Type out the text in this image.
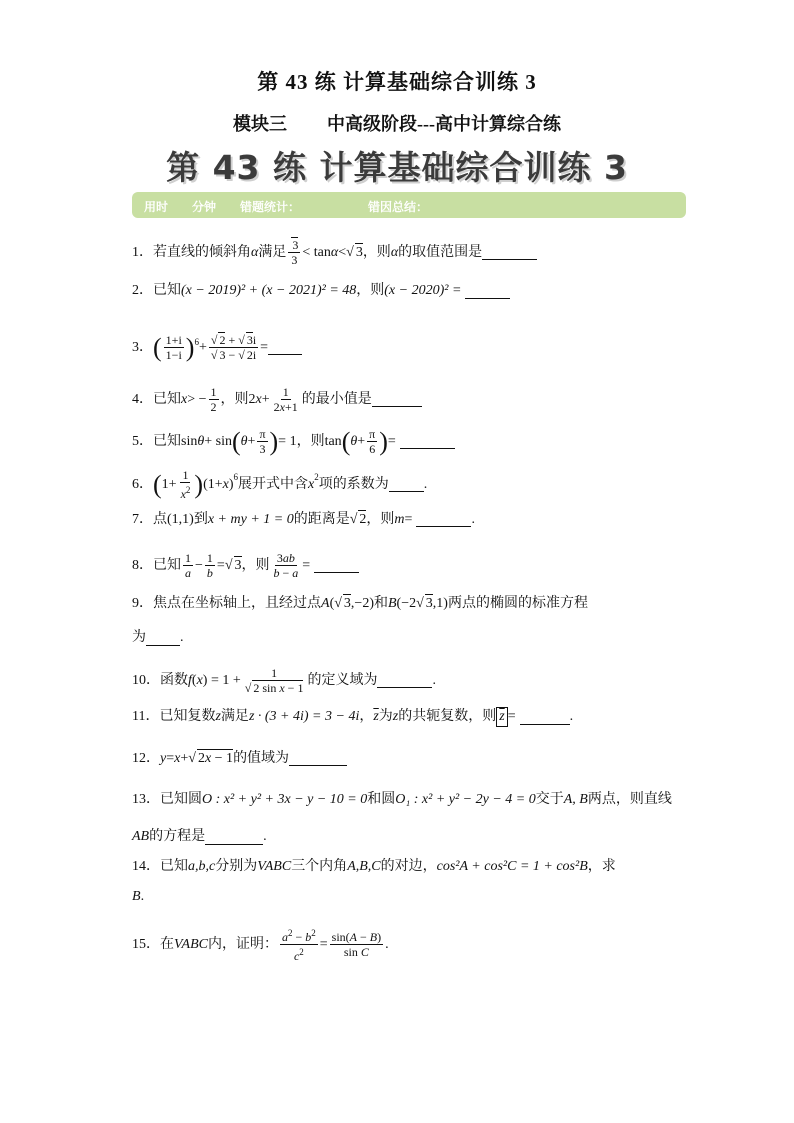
第 43 练 计算基础综合训练 3
模块三 中高级阶段---高中计算综合练
第 43 练 计算基础综合训练 3
用时 分钟 错题统计：	错因总结：
1． 若直线的倾斜角 α 满足 $\frac{3}{3} < \tan \alpha$ < √ 3 ，则 α 的取值范围是
2． 已知 (x − 2019)² + (x − 2021)² = 48 ，则 (x − 2020)² =
3． ( $\frac{1+i}{1-i} )^6 + \frac{√ 2 + √ 3i}{√ 3 - √ 2i}$ =
4． 已知 x > − $\frac{1}{2}$ ，则 2 $x + \frac{1}{2x+1}$ 的最小值是
5． 已知 sin θ + sin ( $\theta + \frac{\pi}{3}$ ) = 1 ，则 tan ( $\theta + \frac{\pi}{6}$ ) =
6． ( $1+ \frac{1}{x^2}$ ) (1+ x )$^6$ 展开式中含 $x^2$ 项的系数为	.
7． 点 (1,1) 到 x + my + 1 = 0 的距离是 √ 2 ，则 m =	.
8． 已知 $\frac{1}{a} - \frac{1}{b}$ = √ 3 ，则 $\frac{3ab}{b - a}$ =
9． 焦点在坐标轴上，且经过点 A (√ 3 ,−2) 和 B (−2√ 3 ,1) 两点的椭圆的标准方程
为 .
10． 函数 f ( x ) = $1 + \frac{1}{\text{√ 2 sin x − 1}}$ 的定义域为	.
11． 已知复数 z 满足 z · (3 + 4i) = 3 − 4i ， $\overline{z}$ 为 z 的共轭复数，则 $\overline{z}$ =	.
12． y = x + √ 2x − 1 的值域为
13． 已知圆 O : x² + y² + 3x − y − 10 = 0 和圆 O₁ : x² + y² − 2y − 4 = 0 交于 A, B 两点，则直线
AB 的方程是	.
14． 已知 a,b,c 分别为 VABC 三个内角 A,B,C 的对边， cos²A + cos²C = 1 + cos²B ，求
B .
15． 在 VABC 内，证明： $\frac{a^2 - b^2}{c^2} = \frac{\sin(A - B)}{\text{sin C}}$ .
